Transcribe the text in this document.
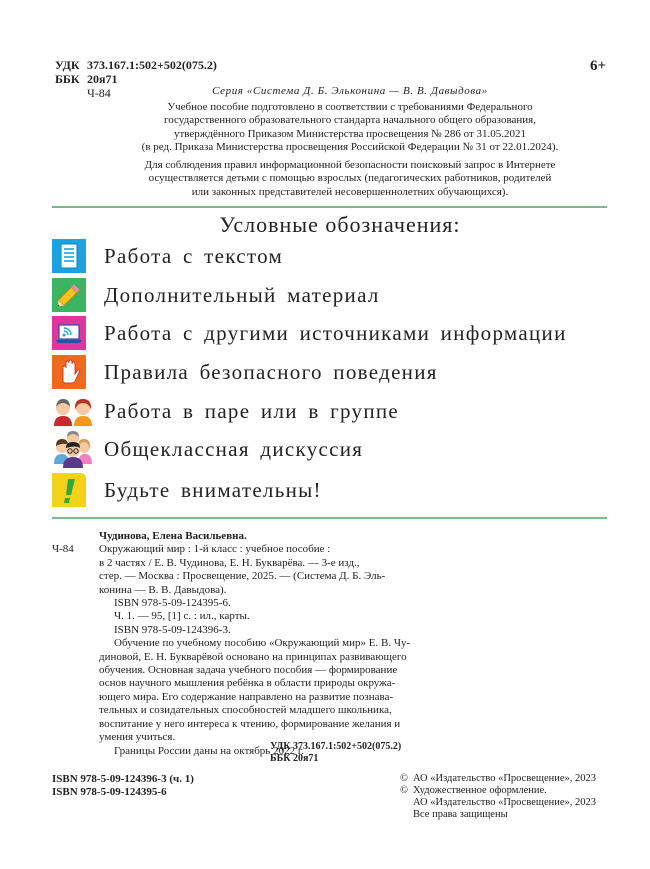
УДК 373.167.1:502+502(075.2)
ББК 20я71
Ч-84
6+
Серия «Система Д. Б. Эльконина — В. В. Давыдова»
Учебное пособие подготовлено в соответствии с требованиями Федерального
государственного образовательного стандарта начального общего образования,
утверждённого Приказом Министерства просвещения № 286 от 31.05.2021
(в ред. Приказа Министерства просвещения Российской Федерации № 31 от 22.01.2024).
Для соблюдения правил информационной безопасности поисковый запрос в Интернете
осуществляется детьми с помощью взрослых (педагогических работников, родителей
или законных представителей несовершеннолетних обучающихся).
Условные обозначения:
Работа с текстом
Дополнительный материал
Работа с другими источниками информации
Правила безопасного поведения
Работа в паре или в группе
Общеклассная дискуссия
Будьте внимательны!
Чудинова, Елена Васильевна.
Ч-84	Окружающий мир : 1-й класс : учебное пособие :
в 2 частях / Е. В. Чудинова, Е. Н. Букварёва. — 3-е изд.,
стер. — Москва : Просвещение, 2025. — (Система Д. Б. Эль-
конина — В. В. Давыдова).
ISBN 978-5-09-124395-6.
Ч. 1. — 95, [1] с. : ил., карты.
ISBN 978-5-09-124396-3.
Обучение по учебному пособию «Окружающий мир» Е. В. Чу-
диновой, Е. Н. Букварёвой основано на принципах развивающего
обучения. Основная задача учебного пособия — формирование
основ научного мышления ребёнка в области природы окружа-
ющего мира. Его содержание направлено на развитие познава-
тельных и созидательных способностей младшего школьника,
воспитание у него интереса к чтению, формирование желания и
умения учиться.
Границы России даны на октябрь 2022 г.
УДК 373.167.1:502+502(075.2)
ББК 20я71
ISBN 978-5-09-124396-3 (ч. 1)
ISBN 978-5-09-124395-6
© АО «Издательство «Просвещение», 2023
© Художественное оформление.
АО «Издательство «Просвещение», 2023
Все права защищены
